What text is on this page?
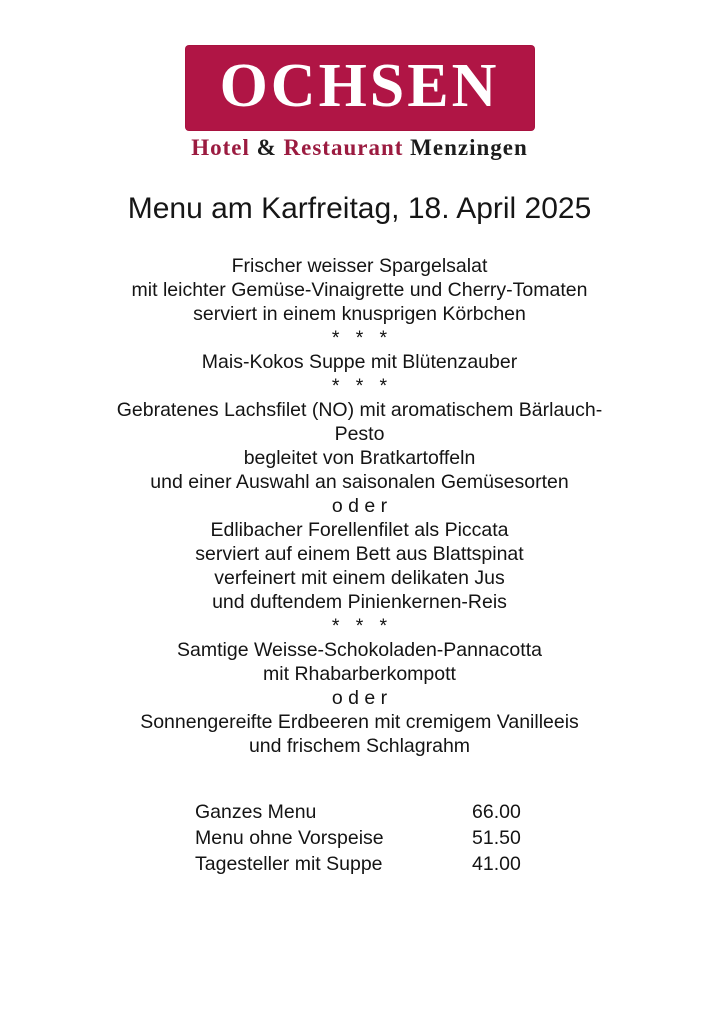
OCHSEN
Hotel & Restaurant Menzingen
Menu am Karfreitag, 18. April 2025
Frischer weisser Spargelsalat
mit leichter Gemüse-Vinaigrette und Cherry-Tomaten
serviert in einem knusprigen Körbchen
*   *   *
Mais-Kokos Suppe mit Blütenzauber
*   *   *
Gebratenes Lachsfilet (NO) mit aromatischem Bärlauch-
Pesto
begleitet von Bratkartoffeln
und einer Auswahl an saisonalen Gemüsesorten
o d e r
Edlibacher Forellenfilet als Piccata
serviert auf einem Bett aus Blattspinat
verfeinert mit einem delikaten Jus
und duftendem Pinienkernen-Reis
*   *   *
Samtige Weisse-Schokoladen-Pannacotta
mit Rhabarberkompott
o d e r
Sonnengereifte Erdbeeren mit cremigem Vanilleeis
und frischem Schlagrahm
Ganzes Menu	66.00
Menu ohne Vorspeise	51.50
Tagesteller mit Suppe	41.00
